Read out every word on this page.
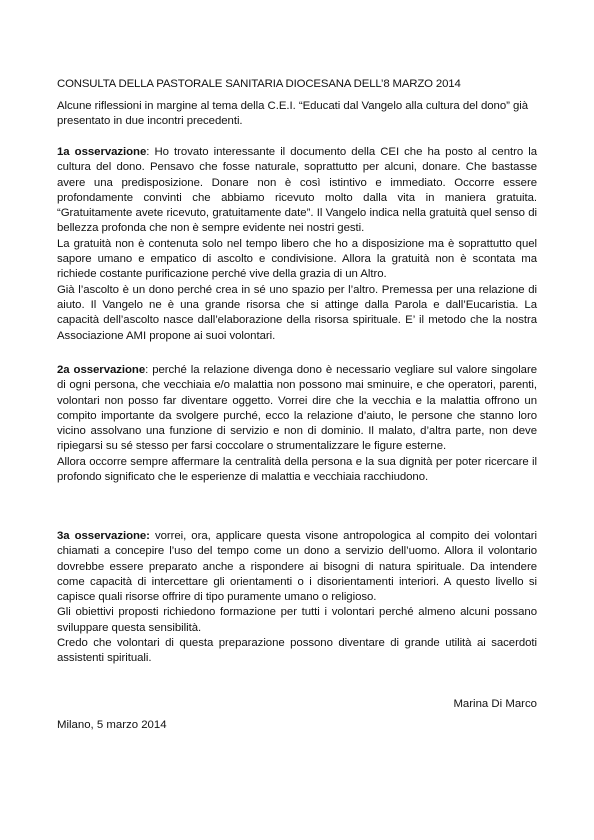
CONSULTA DELLA PASTORALE SANITARIA DIOCESANA DELL’8 MARZO 2014
Alcune riflessioni in margine al tema della C.E.I. “Educati dal Vangelo alla cultura del dono” già presentato in due incontri precedenti.
1a osservazione: Ho trovato interessante il documento della CEI che ha posto al centro la cultura del dono. Pensavo che fosse naturale, soprattutto per alcuni, donare. Che bastasse avere una predisposizione. Donare non è così istintivo e immediato. Occorre essere profondamente convinti che abbiamo ricevuto molto dalla vita in maniera gratuita. “Gratuitamente avete ricevuto, gratuitamente date”. Il Vangelo indica nella gratuità quel senso di bellezza profonda che non è sempre evidente nei nostri gesti.
La gratuità non è contenuta solo nel tempo libero che ho a disposizione ma è soprattutto quel sapore umano e empatico di ascolto e condivisione. Allora la gratuità non è scontata ma richiede costante purificazione perché vive della grazia di un Altro.
Già l’ascolto è un dono perché crea in sé uno spazio per l’altro. Premessa per una relazione di aiuto. Il Vangelo ne è una grande risorsa che si attinge dalla Parola e dall’Eucaristia. La capacità dell’ascolto nasce dall’elaborazione della risorsa spirituale. E’ il metodo che la nostra Associazione AMI propone ai suoi volontari.
2a osservazione: perché la relazione divenga dono è necessario vegliare sul valore singolare di ogni persona, che vecchiaia e/o malattia non possono mai sminuire, e che operatori, parenti, volontari non posso far diventare oggetto. Vorrei dire che la vecchia e la malattia offrono un compito importante da svolgere purché, ecco la relazione d’aiuto, le persone che stanno loro vicino assolvano una funzione di servizio e non di dominio. Il malato, d’altra parte, non deve ripiegarsi su sé stesso per farsi coccolare o strumentalizzare le figure esterne.
Allora occorre sempre affermare la centralità della persona e la sua dignità per poter ricercare il profondo significato che le esperienze di malattia e vecchiaia racchiudono.
3a osservazione: vorrei, ora, applicare questa visone antropologica al compito dei volontari chiamati a concepire l’uso del tempo come un dono a servizio dell’uomo. Allora il volontario dovrebbe essere preparato anche a rispondere ai bisogni di natura spirituale. Da intendere come capacità di intercettare gli orientamenti o i disorientamenti interiori. A questo livello si capisce quali risorse offrire di tipo puramente umano o religioso.
Gli obiettivi proposti richiedono formazione per tutti i volontari perché almeno alcuni possano sviluppare questa sensibilità.
Credo che volontari di questa preparazione possono diventare di grande utilità ai sacerdoti assistenti spirituali.
Marina Di Marco
Milano, 5 marzo 2014
